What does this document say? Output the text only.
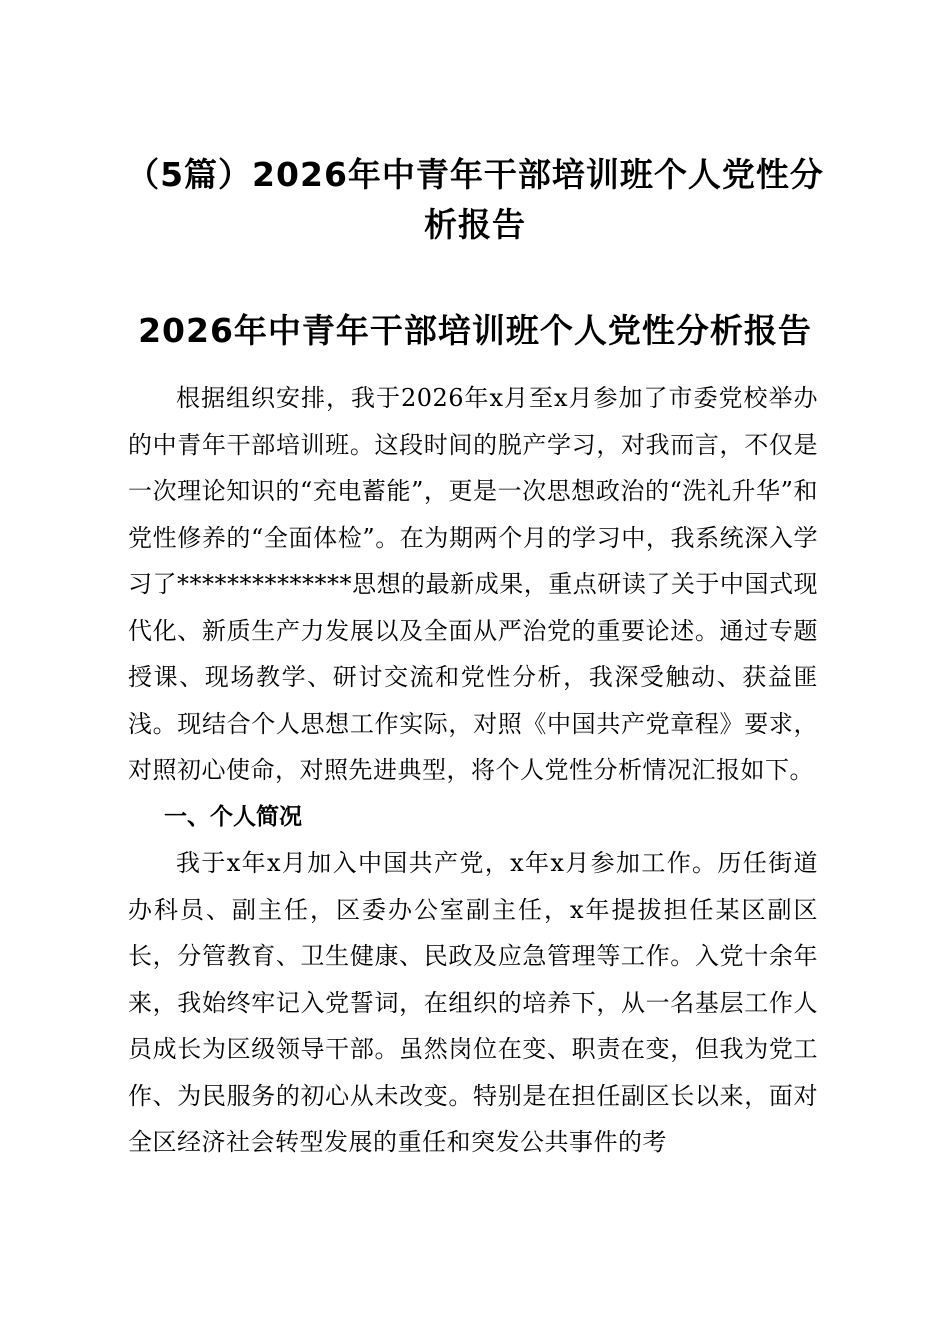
（5篇）2026年中青年干部培训班个人党性分析报告
2026年中青年干部培训班个人党性分析报告

根据组织安排，我于2026年x月至x月参加了市委党校举办的中青年干部培训班。这段时间的脱产学习，对我而言，不仅是一次理论知识的“充电蓄能”，更是一次思想政治的“洗礼升华”和党性修养的“全面体检”。在为期两个月的学习中，我系统深入学习了**************思想的最新成果，重点研读了关于中国式现代化、新质生产力发展以及全面从严治党的重要论述。通过专题授课、现场教学、研讨交流和党性分析，我深受触动、获益匪浅。现结合个人思想工作实际，对照《中国共产党章程》要求，对照初心使命，对照先进典型，将个人党性分析情况汇报如下。

一、个人简况

我于x年x月加入中国共产党，x年x月参加工作。历任街道办科员、副主任，区委办公室副主任，x年提拔担任某区副区长，分管教育、卫生健康、民政及应急管理等工作。入党十余年来，我始终牢记入党誓词，在组织的培养下，从一名基层工作人员成长为区级领导干部。虽然岗位在变、职责在变，但我为党工作、为民服务的初心从未改变。特别是在担任副区长以来，面对全区经济社会转型发展的重任和突发公共事件的考
